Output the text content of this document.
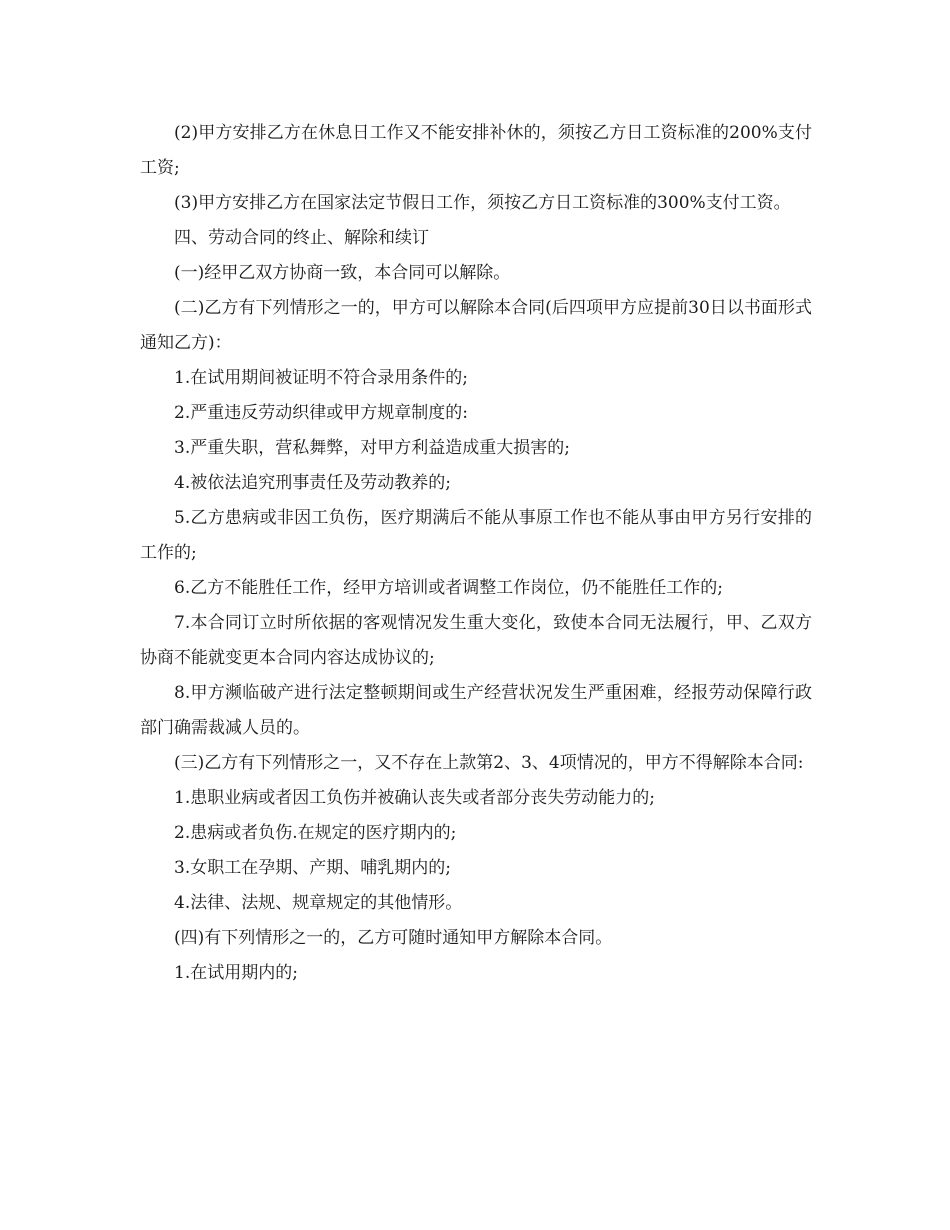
(2)甲方安排乙方在休息日工作又不能安排补休的，须按乙方日工资标准的200%支付工资;

(3)甲方安排乙方在国家法定节假日工作，须按乙方日工资标准的300%支付工资。

四、劳动合同的终止、解除和续订

(一)经甲乙双方协商一致，本合同可以解除。

(二)乙方有下列情形之一的，甲方可以解除本合同(后四项甲方应提前30日以书面形式通知乙方)：

1.在试用期间被证明不符合录用条件的;

2.严重违反劳动织律或甲方规章制度的:

3.严重失职，营私舞弊，对甲方利益造成重大损害的;

4.被依法追究刑事责任及劳动教养的;

5.乙方患病或非因工负伤，医疗期满后不能从事原工作也不能从事由甲方另行安排的工作的;

6.乙方不能胜任工作，经甲方培训或者调整工作岗位，仍不能胜任工作的;

7.本合同订立时所依据的客观情况发生重大变化，致使本合同无法履行，甲、乙双方协商不能就变更本合同内容达成协议的;

8.甲方濒临破产进行法定整顿期间或生产经营状况发生严重困难，经报劳动保障行政部门确需裁减人员的。

(三)乙方有下列情形之一，又不存在上款第2、3、4项情况的，甲方不得解除本合同:

1.患职业病或者因工负伤并被确认丧失或者部分丧失劳动能力的;

2.患病或者负伤.在规定的医疗期内的;

3.女职工在孕期、产期、哺乳期内的;

4.法律、法规、规章规定的其他情形。

(四)有下列情形之一的，乙方可随时通知甲方解除本合同。

1.在试用期内的;
